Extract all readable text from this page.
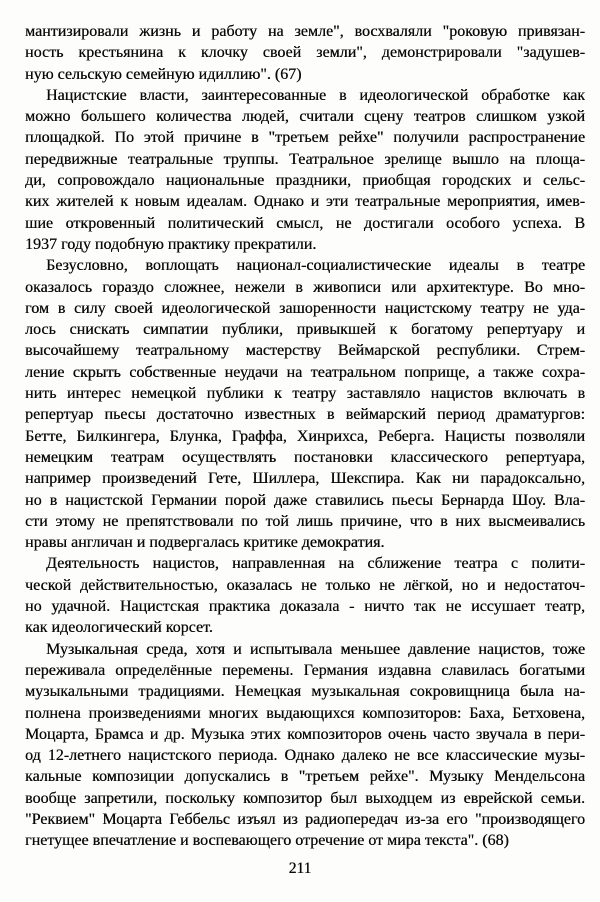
мантизировали жизнь и работу на земле", восхваляли "роковую привязан-
ность крестьянина к клочку своей земли", демонстрировали "задушев-
ную сельскую семейную идиллию". (67)

Нацистские власти, заинтересованные в идеологической обработке как
можно большего количества людей, считали сцену театров слишком узкой
площадкой. По этой причине в "третьем рейхе" получили распространение
передвижные театральные труппы. Театральное зрелище вышло на площа-
ди, сопровождало национальные праздники, приобщая городских и сельс-
ких жителей к новым идеалам. Однако и эти театральные мероприятия, имев-
шие откровенный политический смысл, не достигали особого успеха. В
1937 году подобную практику прекратили.

Безусловно, воплощать национал-социалистические идеалы в театре
оказалось гораздо сложнее, нежели в живописи или архитектуре. Во мно-
гом в силу своей идеологической зашоренности нацистскому театру не уда-
лось снискать симпатии публики, привыкшей к богатому репертуару и
высочайшему театральному мастерству Веймарской республики. Стрем-
ление скрыть собственные неудачи на театральном поприще, а также сохра-
нить интерес немецкой публики к театру заставляло нацистов включать в
репертуар пьесы достаточно известных в веймарский период драматургов:
Бетте, Билкингера, Блунка, Граффа, Хинрихса, Реберга. Нацисты позволяли
немецким театрам осуществлять постановки классического репертуара,
например произведений Гете, Шиллера, Шекспира. Как ни парадоксально,
но в нацистской Германии порой даже ставились пьесы Бернарда Шоу. Вла-
сти этому не препятствовали по той лишь причине, что в них высмеивались
нравы англичан и подвергалась критике демократия.

Деятельность нацистов, направленная на сближение театра с полити-
ческой действительностью, оказалась не только не лёгкой, но и недостаточ-
но удачной. Нацистская практика доказала - ничто так не иссушает театр,
как идеологический корсет.

Музыкальная среда, хотя и испытывала меньшее давление нацистов, тоже
переживала определённые перемены. Германия издавна славилась богатыми
музыкальными традициями. Немецкая музыкальная сокровищница была на-
полнена произведениями многих выдающихся композиторов: Баха, Бетховена,
Моцарта, Брамса и др. Музыка этих композиторов очень часто звучала в пери-
од 12-летнего нацистского периода. Однако далеко не все классические музы-
кальные композиции допускались в "третьем рейхе". Музыку Мендельсона
вообще запретили, поскольку композитор был выходцем из еврейской семьи.
"Реквием" Моцарта Геббельс изъял из радиопередач из-за его "производящего
гнетущее впечатление и воспевающего отречение от мира текста". (68)

211
